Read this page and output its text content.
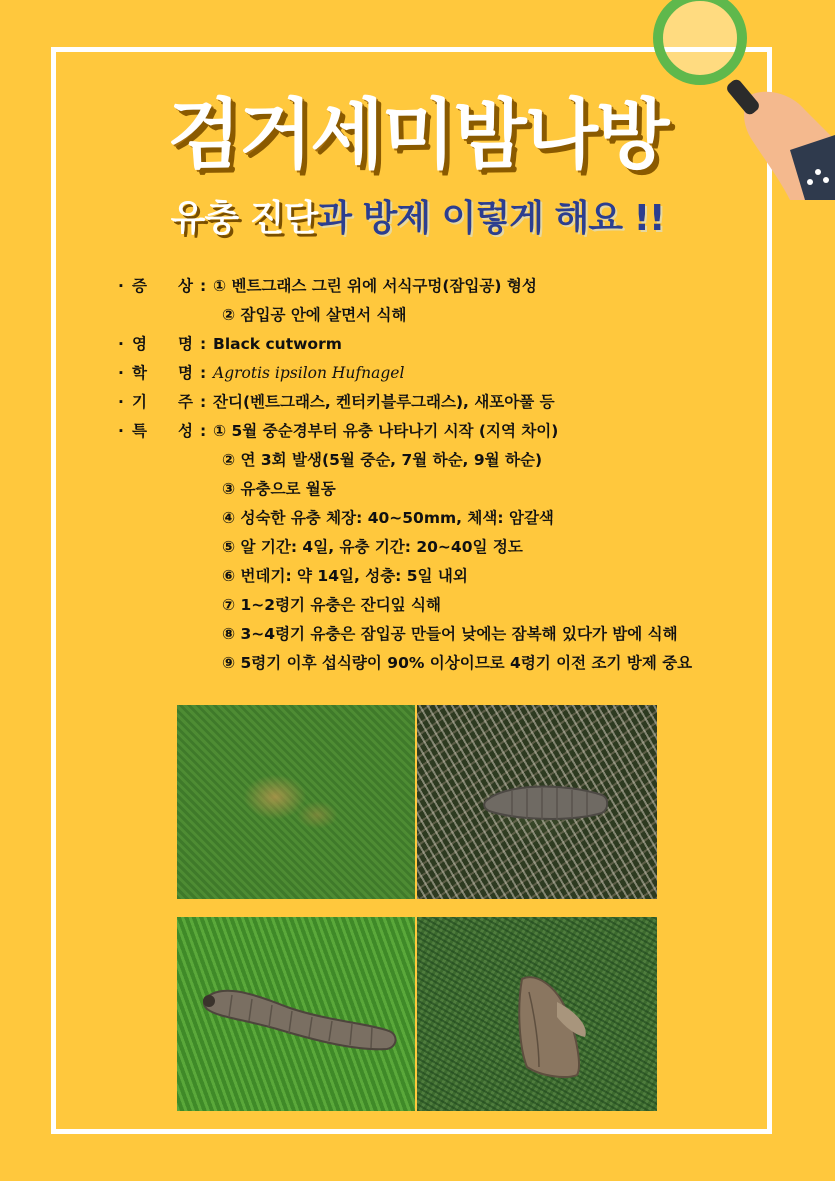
검거세미밤나방
유충 진단과 방제 이렇게 해요 !!
· 증　　상 : ① 벤트그래스 그린 위에 서식구멍(잠입공) 형성
② 잠입공 안에 살면서 식해
· 영　　명 : Black cutworm
· 학　　명 : Agrotis ipsilon Hufnagel
· 기　　주 : 잔디(벤트그래스, 켄터키블루그래스), 새포아풀 등
· 특　　성 : ① 5월 중순경부터 유충 나타나기 시작 (지역 차이)
② 연 3회 발생(5월 중순, 7월 하순, 9월 하순)
③ 유충으로 월동
④ 성숙한 유충 체장: 40~50mm, 체색: 암갈색
⑤ 알 기간: 4일, 유충 기간: 20~40일 정도
⑥ 번데기: 약 14일, 성충: 5일 내외
⑦ 1~2령기 유충은 잔디잎 식해
⑧ 3~4령기 유충은 잠입공 만들어 낮에는 잠복해 있다가 밤에 식해
⑨ 5령기 이후 섭식량이 90% 이상이므로 4령기 이전 조기 방제 중요
